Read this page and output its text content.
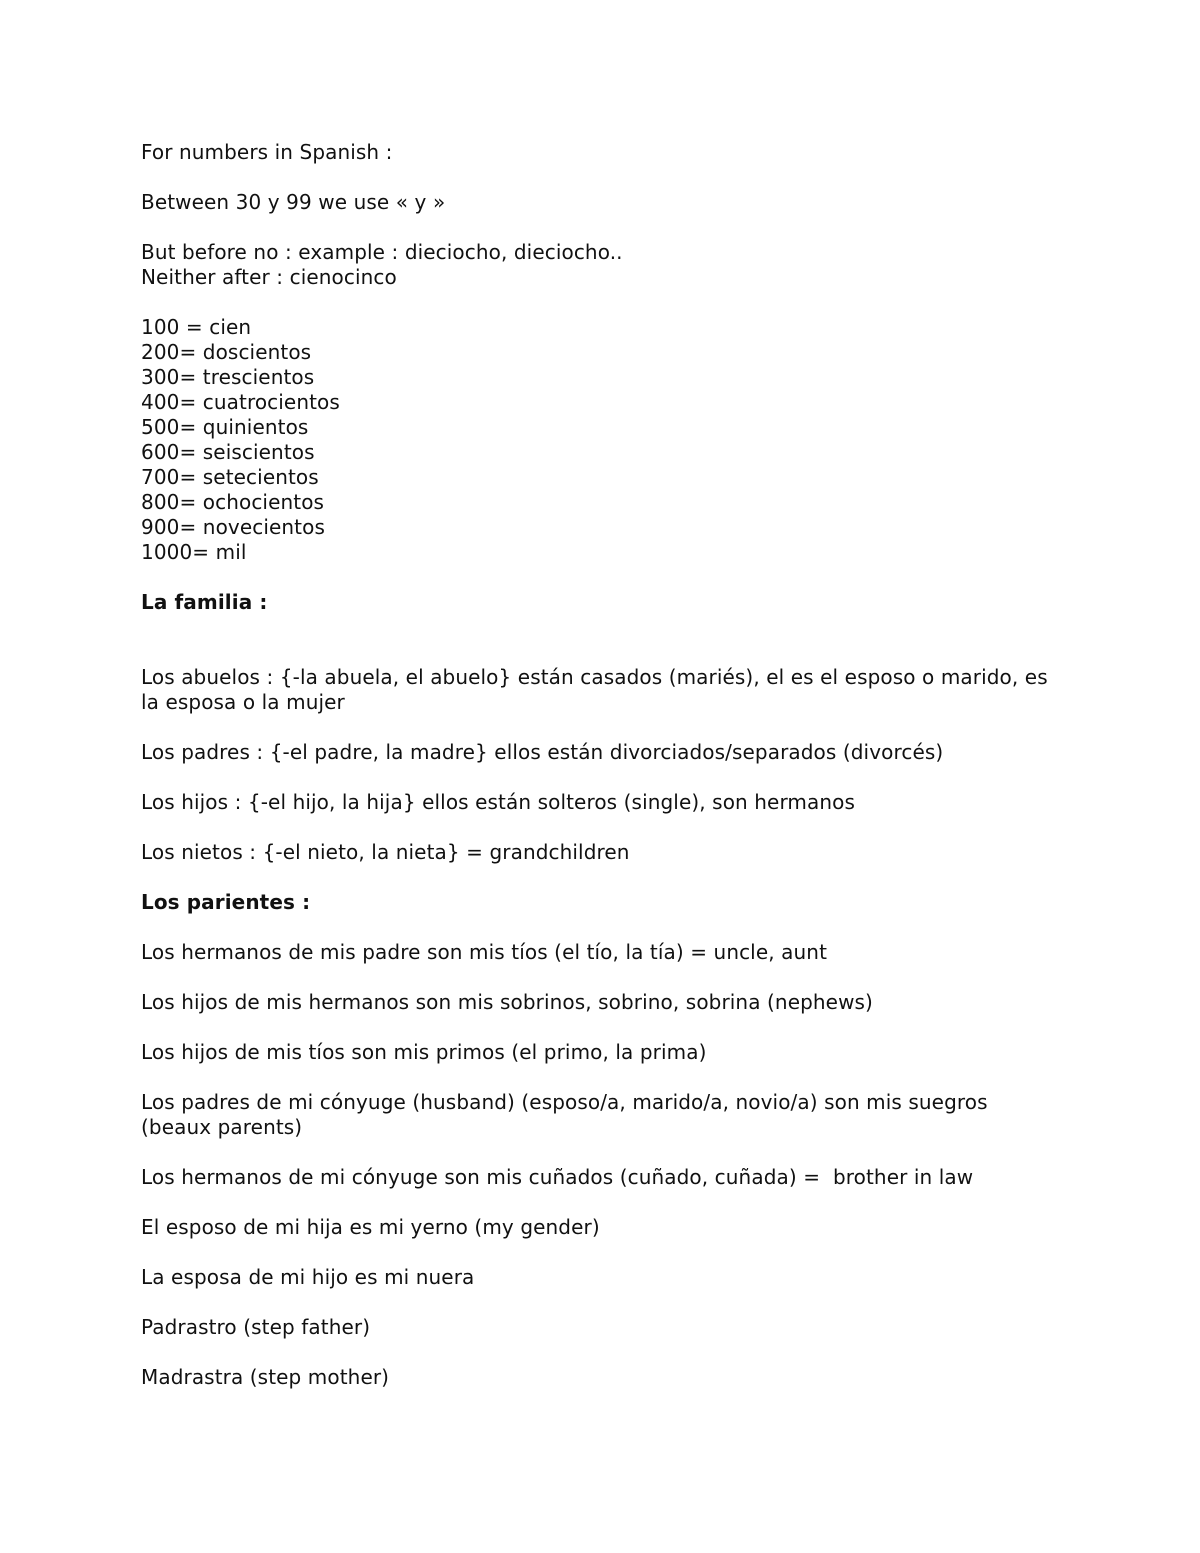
For numbers in Spanish :

Between 30 y 99 we use « y »

But before no : example : dieciocho, dieciocho..

Neither after : cienocinco

100 = cien

200= doscientos

300= trescientos

400= cuatrocientos

500= quinientos

600= seiscientos

700= setecientos

800= ochocientos

900= novecientos

1000= mil

La familia :

Los abuelos : {-la abuela, el abuelo} están casados (mariés), el es el esposo o marido, es la esposa o la mujer

Los padres : {-el padre, la madre} ellos están divorciados/separados (divorcés)

Los hijos : {-el hijo, la hija} ellos están solteros (single), son hermanos

Los nietos : {-el nieto, la nieta} = grandchildren

Los parientes :

Los hermanos de mis padre son mis tíos (el tío, la tía) = uncle, aunt

Los hijos de mis hermanos son mis sobrinos, sobrino, sobrina (nephews)

Los hijos de mis tíos son mis primos (el primo, la prima)

Los padres de mi cónyuge (husband) (esposo/a, marido/a, novio/a) son mis suegros (beaux parents)

Los hermanos de mi cónyuge son mis cuñados (cuñado, cuñada) =  brother in law

El esposo de mi hija es mi yerno (my gender)

La esposa de mi hijo es mi nuera

Padrastro (step father)

Madrastra (step mother)
